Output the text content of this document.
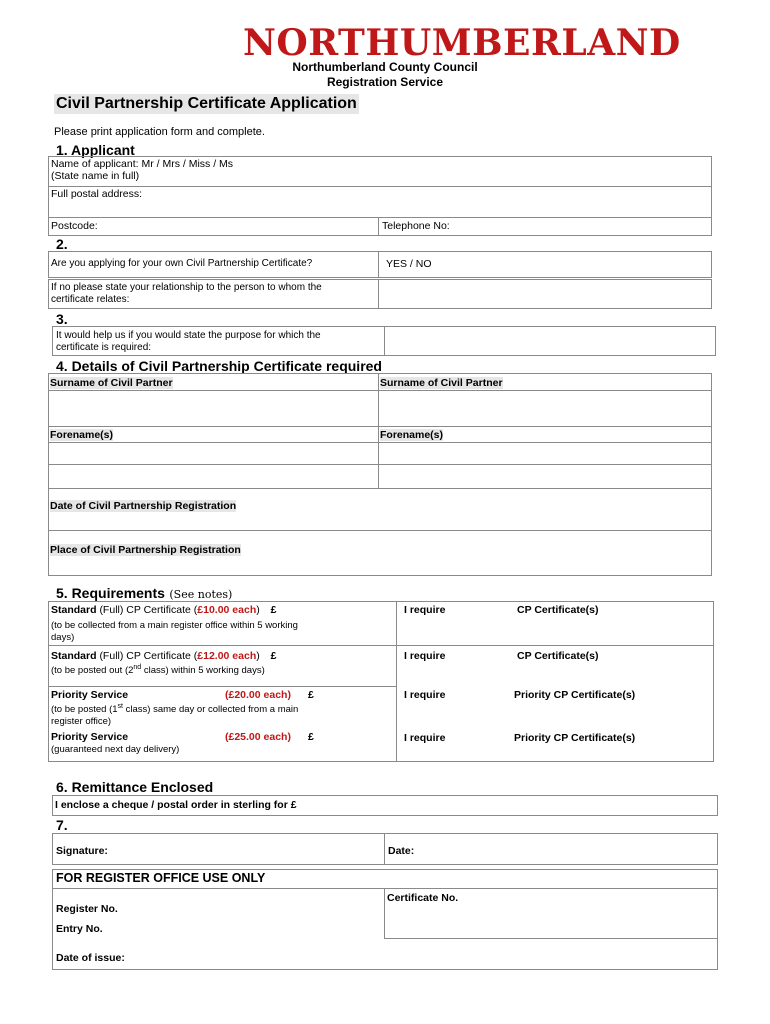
NORTHUMBERLAND
Northumberland County Council
Registration Service
Civil Partnership Certificate Application
Please print application form and complete.
1. Applicant
Name of applicant: Mr / Mrs / Miss / Ms
(State name in full)
Full postal address:
Postcode:	Telephone No:
2.
Are you applying for your own Civil Partnership Certificate?	YES / NO
If no please state your relationship to the person to whom the
certificate relates:
3.
It would help us if you would state the purpose for which the
certificate is required:
4. Details of Civil Partnership Certificate required
Surname of Civil Partner	Surname of Civil Partner
Forename(s)	Forename(s)
Date of Civil Partnership Registration
Place of Civil Partnership Registration
5. Requirements (See notes)
Standard (Full) CP Certificate (£10.00 each) £
(to be collected from a main register office within 5 working
days)
I require	CP Certificate(s)
Standard (Full) CP Certificate (£12.00 each) £
(to be posted out (2nd class) within 5 working days)
I require	CP Certificate(s)
Priority Service	(£20.00 each) £
(to be posted (1st class) same day or collected from a main
register office)
I require	Priority CP Certificate(s)
Priority Service	(£25.00 each) £
(guaranteed next day delivery)
I require	Priority CP Certificate(s)
6. Remittance Enclosed
I enclose a cheque / postal order in sterling for £
7.
Signature:	Date:
FOR REGISTER OFFICE USE ONLY
Certificate No.
Register No.
Entry No.
Date of issue:
